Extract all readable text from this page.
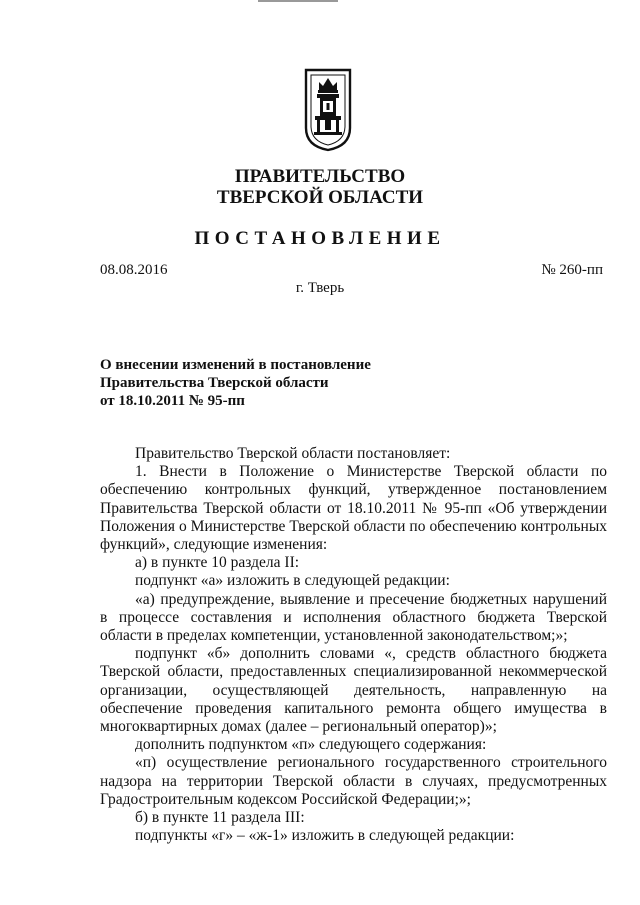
ПРАВИТЕЛЬСТВО
ТВЕРСКОЙ ОБЛАСТИ
ПОСТАНОВЛЕНИЕ
08.08.2016	№ 260-пп
г. Тверь
О внесении изменений в постановление
Правительства Тверской области
от 18.10.2011 № 95-пп

Правительство Тверской области постановляет:

1. Внести в Положение о Министерстве Тверской области по обеспечению контрольных функций, утвержденное постановлением Правительства Тверской области от 18.10.2011 № 95-пп «Об утверждении Положения о Министерстве Тверской области по обеспечению контрольных функций», следующие изменения:

а) в пункте 10 раздела II:

подпункт «а» изложить в следующей редакции:

«а) предупреждение, выявление и пресечение бюджетных нарушений в процессе составления и исполнения областного бюджета Тверской области в пределах компетенции, установленной законодательством;»;

подпункт «б» дополнить словами «, средств областного бюджета Тверской области, предоставленных специализированной некоммерческой организации, осуществляющей деятельность, направленную на обеспечение проведения капитального ремонта общего имущества в многоквартирных домах (далее – региональный оператор)»;

дополнить подпунктом «п» следующего содержания:

«п) осуществление регионального государственного строительного надзора на территории Тверской области в случаях, предусмотренных Градостроительным кодексом Российской Федерации;»;

б) в пункте 11 раздела III:

подпункты «г» – «ж-1» изложить в следующей редакции:
